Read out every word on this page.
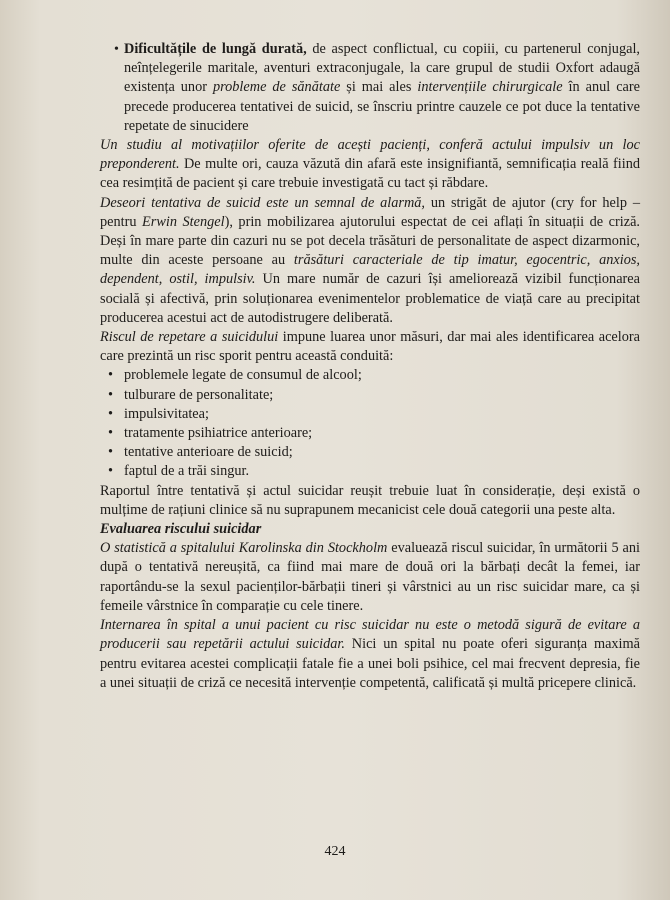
• Dificultățile de lungă durată, de aspect conflictual, cu copiii, cu partenerul conjugal, neînțelegerile maritale, aventuri extraconjugale, la care grupul de studii Oxfort adaugă existența unor probleme de sănătate și mai ales intervențiile chirurgicale în anul care precede producerea tentativei de suicid, se înscriu printre cauzele ce pot duce la tentative repetate de sinucidere

Un studiu al motivațiilor oferite de acești pacienți, conferă actului impulsiv un loc preponderent. De multe ori, cauza văzută din afară este insignifiantă, semnificația reală fiind cea resimțită de pacient și care trebuie investigată cu tact și răbdare.

Deseori tentativa de suicid este un semnal de alarmă, un strigăt de ajutor (cry for help – pentru Erwin Stengel), prin mobilizarea ajutorului espectat de cei aflați în situații de criză. Deși în mare parte din cazuri nu se pot decela trăsături de personalitate de aspect dizarmonic, multe din aceste persoane au trăsături caracteriale de tip imatur, egocentric, anxios, dependent, ostil, impulsiv. Un mare număr de cazuri își ameliorează vizibil funcționarea socială și afectivă, prin soluționarea evenimentelor problematice de viață care au precipitat producerea acestui act de autodistrugere deliberată.

Riscul de repetare a suicidului impune luarea unor măsuri, dar mai ales identificarea acelora care prezintă un risc sporit pentru această conduită:

• problemele legate de consumul de alcool;
• tulburare de personalitate;
• impulsivitatea;
• tratamente psihiatrice anterioare;
• tentative anterioare de suicid;
• faptul de a trăi singur.

Raportul între tentativă și actul suicidar reușit trebuie luat în considerație, deși există o mulțime de rațiuni clinice să nu suprapunem mecanicist cele două categorii una peste alta.

Evaluarea riscului suicidar

O statistică a spitalului Karolinska din Stockholm evaluează riscul suicidar, în următorii 5 ani după o tentativă nereușită, ca fiind mai mare de două ori la bărbați decât la femei, iar raportându-se la sexul pacienților-bărbații tineri și vârstnici au un risc suicidar mare, ca și femeile vârstnice în comparație cu cele tinere.

Internarea în spital a unui pacient cu risc suicidar nu este o metodă sigură de evitare a producerii sau repetării actului suicidar. Nici un spital nu poate oferi siguranța maximă pentru evitarea acestei complicații fatale fie a unei boli psihice, cel mai frecvent depresia, fie a unei situații de criză ce necesită intervenție competentă, calificată și multă pricepere clinică.

424
